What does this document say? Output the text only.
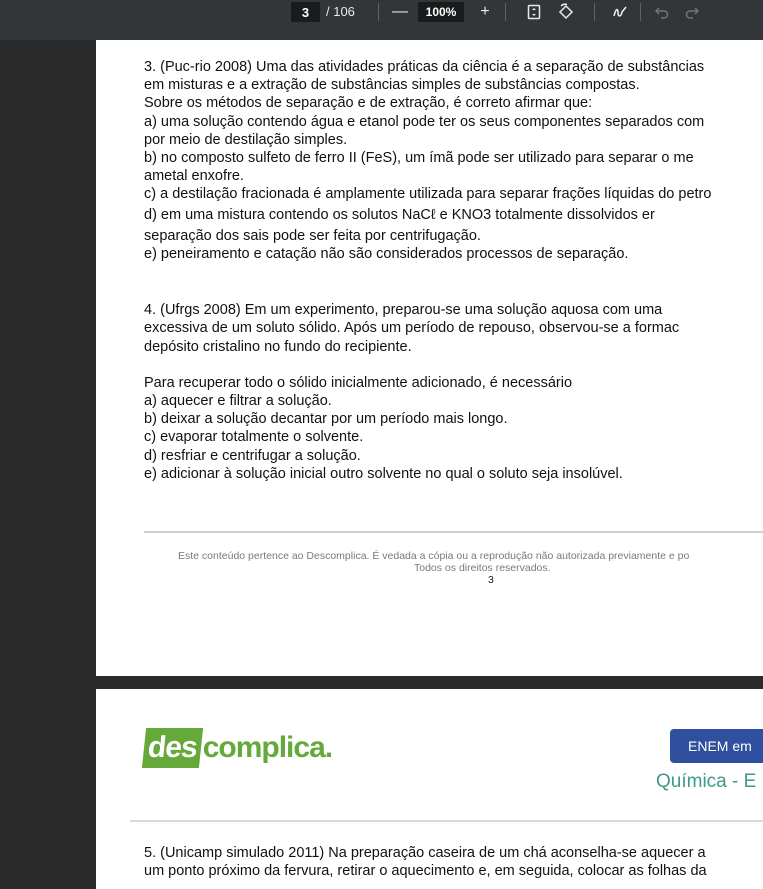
3	/ 106 —	100%	+
3. (Puc-rio 2008) Uma das atividades práticas da ciência é a separação de substâncias
em misturas e a extração de substâncias simples de substâncias compostas.
Sobre os métodos de separação e de extração, é correto afirmar que:
a) uma solução contendo água e etanol pode ter os seus componentes separados com
por meio de destilação simples.
b) no composto sulfeto de ferro II (FeS), um ímã pode ser utilizado para separar o me
ametal enxofre.
c) a destilação fracionada é amplamente utilizada para separar frações líquidas do petro
d) em uma mistura contendo os solutos NaCℓ e KNO3 totalmente dissolvidos er
separação dos sais pode ser feita por centrifugação.
e) peneiramento e catação não são considerados processos de separação.
4. (Ufrgs 2008) Em um experimento, preparou-se uma solução aquosa com uma
excessiva de um soluto sólido. Após um período de repouso, observou-se a formac
depósito cristalino no fundo do recipiente.
Para recuperar todo o sólido inicialmente adicionado, é necessário
a) aquecer e filtrar a solução.
b) deixar a solução decantar por um período mais longo.
c) evaporar totalmente o solvente.
d) resfriar e centrifugar a solução.
e) adicionar à solução inicial outro solvente no qual o soluto seja insolúvel.
Este conteúdo pertence ao Descomplica. É vedada a cópia ou a reprodução não autorizada previamente e po
Todos os direitos reservados.
3
des complica .	ENEM em
Química - E
5. (Unicamp simulado 2011) Na preparação caseira de um chá aconselha-se aquecer a
um ponto próximo da fervura, retirar o aquecimento e, em seguida, colocar as folhas da
